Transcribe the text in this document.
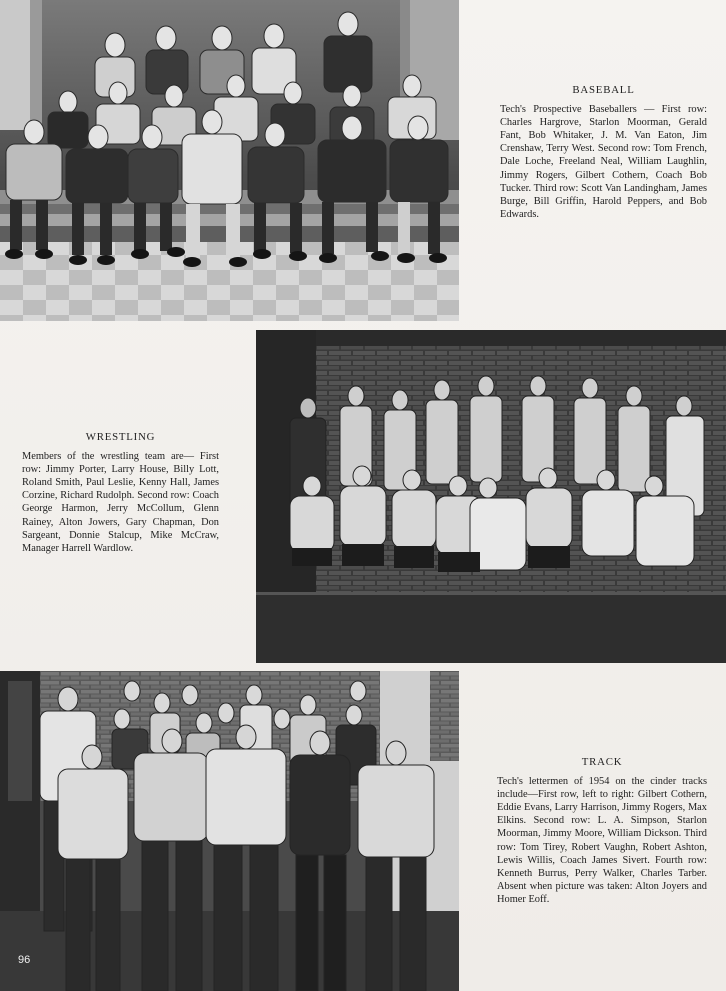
BASEBALL

Tech's Prospective Baseballers — First row: Charles Hargrove, Starlon Moorman, Gerald Fant, Bob Whitaker, J. M. Van Eaton, Jim Crenshaw, Terry West. Second row: Tom French, Dale Loche, Freeland Neal, William Laughlin, Jimmy Rogers, Gilbert Cothern, Coach Bob Tucker. Third row: Scott Van Landingham, James Burge, Bill Griffin, Harold Peppers, and Bob Edwards.

WRESTLING

Members of the wrestling team are— First row: Jimmy Porter, Larry House, Billy Lott, Roland Smith, Paul Leslie, Kenny Hall, James Corzine, Richard Rudolph. Second row: Coach George Harmon, Jerry McCollum, Glenn Rainey, Alton Jowers, Gary Chapman, Don Sargeant, Donnie Stalcup, Mike McCraw, Manager Harrell Wardlow.

TRACK

Tech's lettermen of 1954 on the cinder tracks include—First row, left to right: Gilbert Cothern, Eddie Evans, Larry Harrison, Jimmy Rogers, Max Elkins. Second row: L. A. Simpson, Starlon Moorman, Jimmy Moore, William Dickson. Third row: Tom Tirey, Robert Vaughn, Robert Ashton, Lewis Willis, Coach James Sivert. Fourth row: Kenneth Burrus, Perry Walker, Charles Tarber. Absent when picture was taken: Alton Joyers and Homer Eoff.

96
